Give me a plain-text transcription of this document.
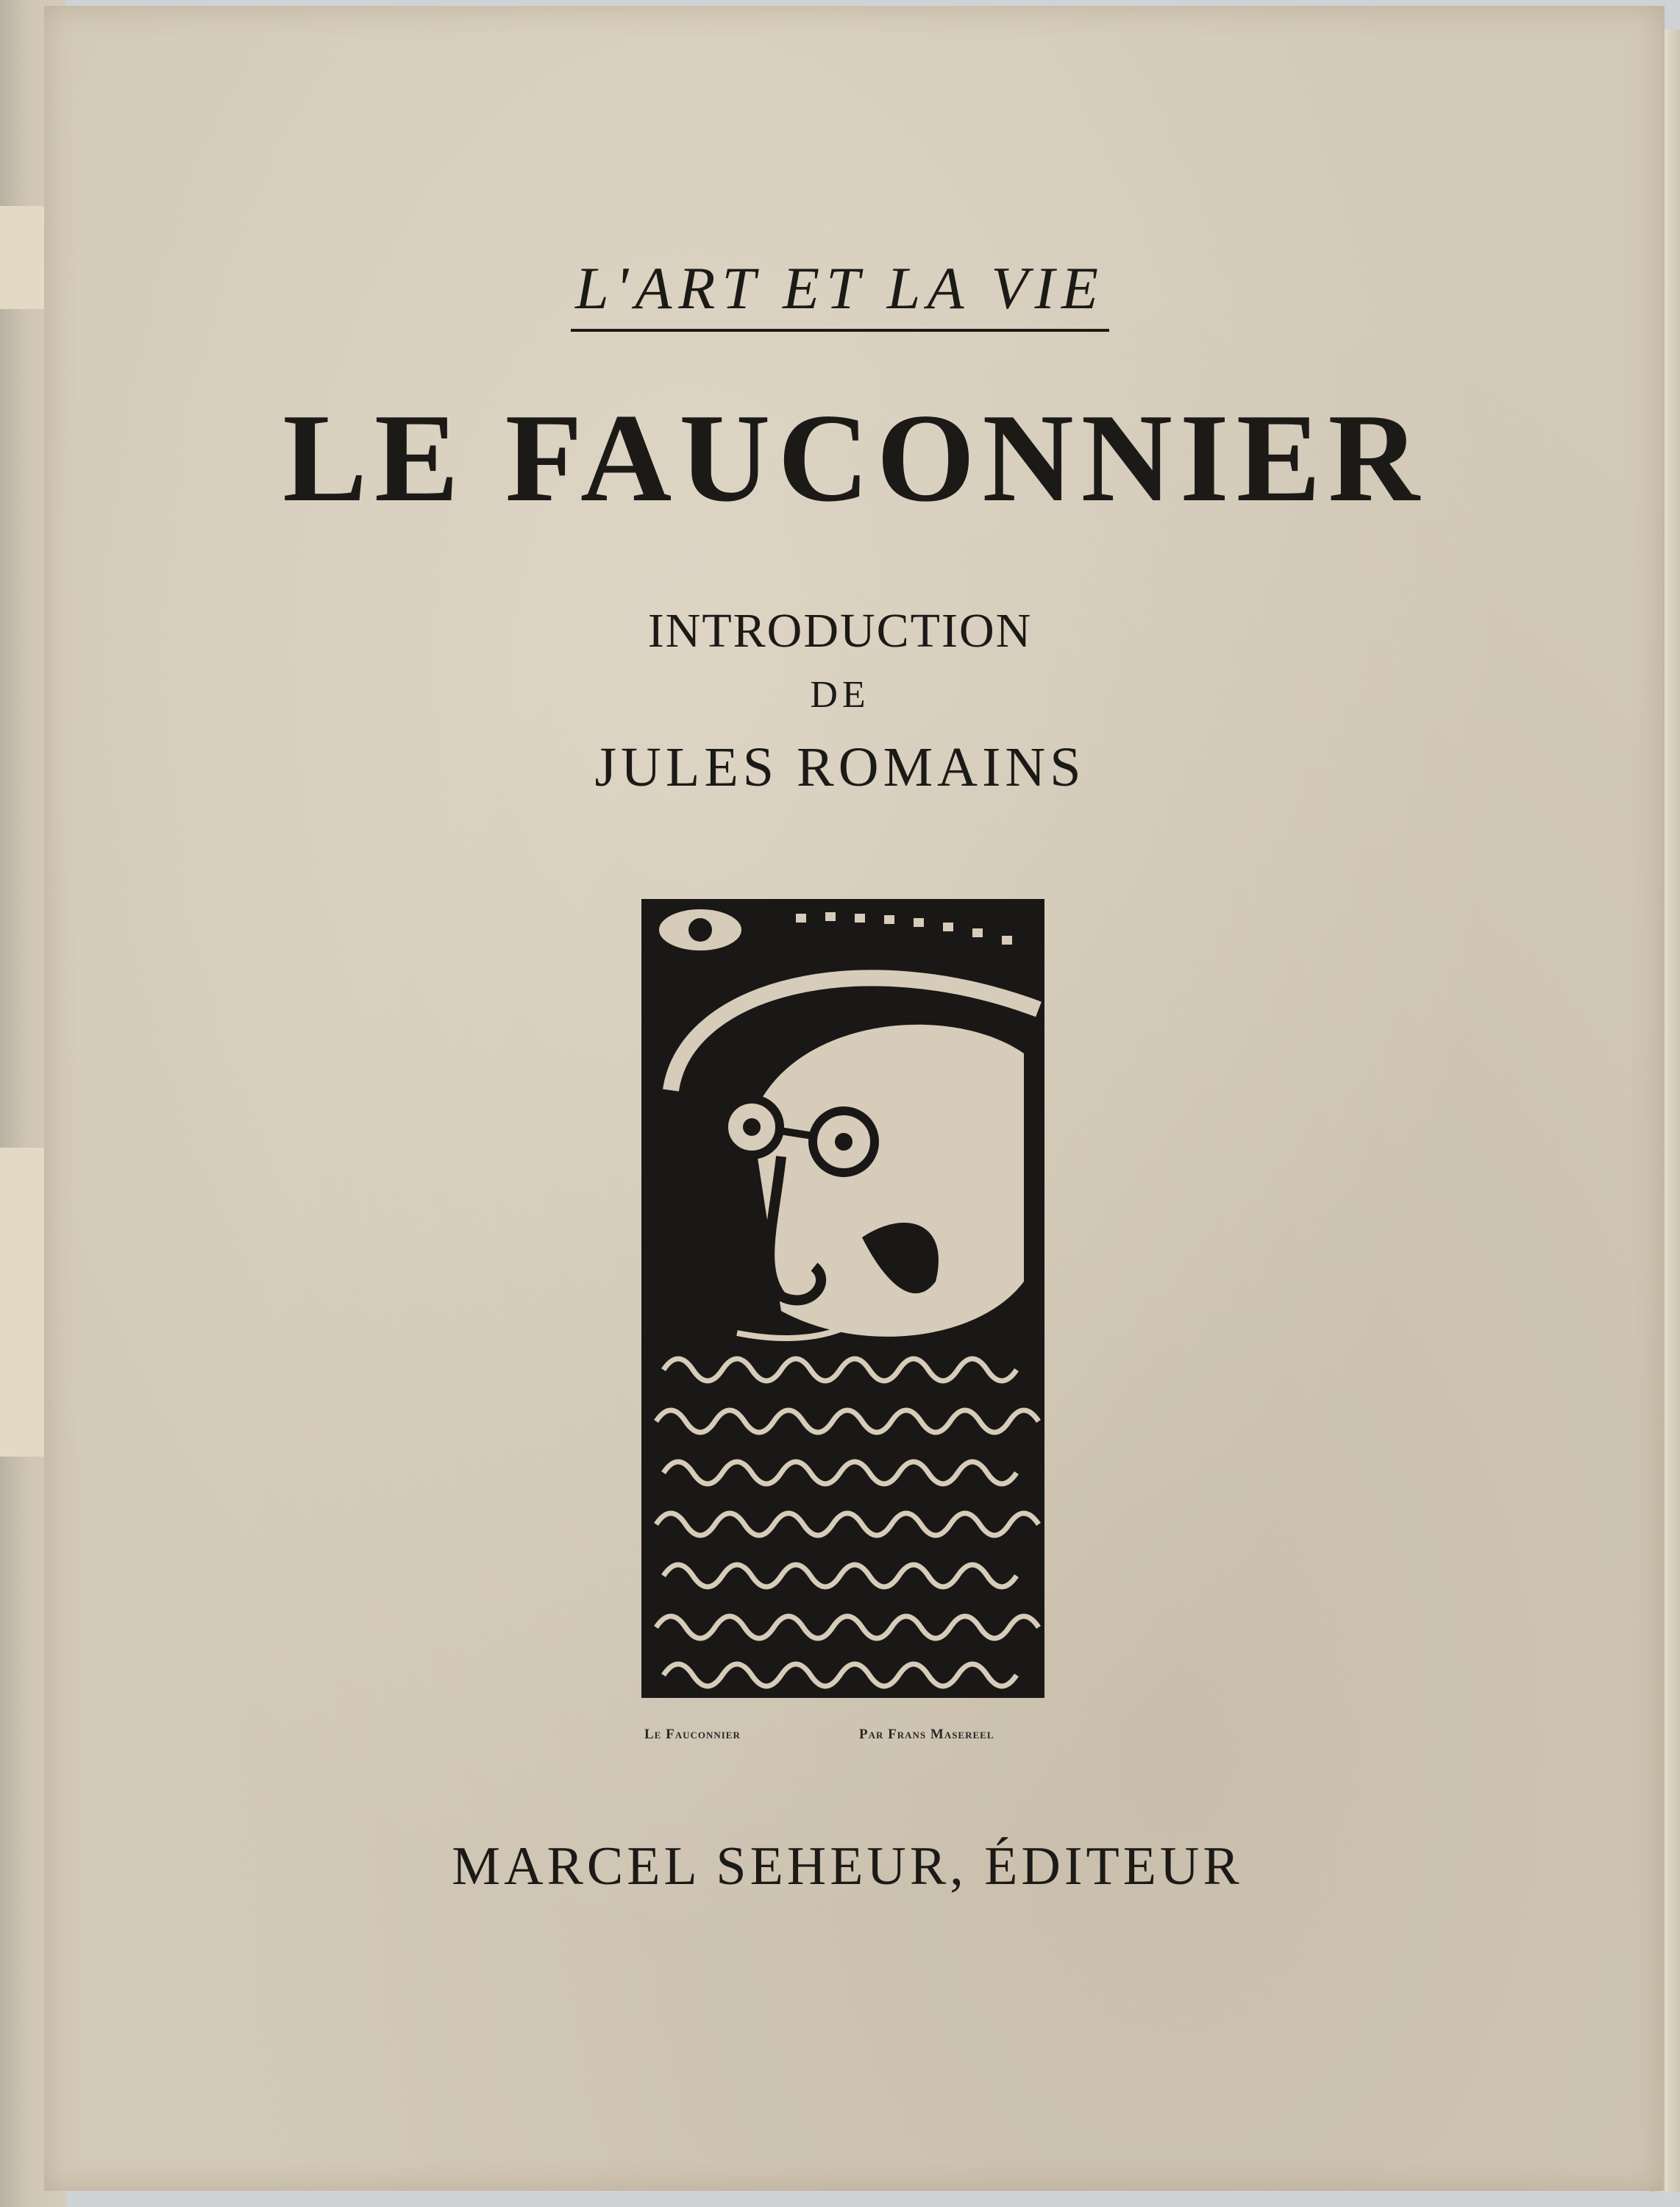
L'ART ET LA VIE
LE FAUCONNIER
INTRODUCTION
DE
JULES ROMAINS
Le Fauconnier	Par Frans Masereel
MARCEL SEHEUR, ÉDITEUR
